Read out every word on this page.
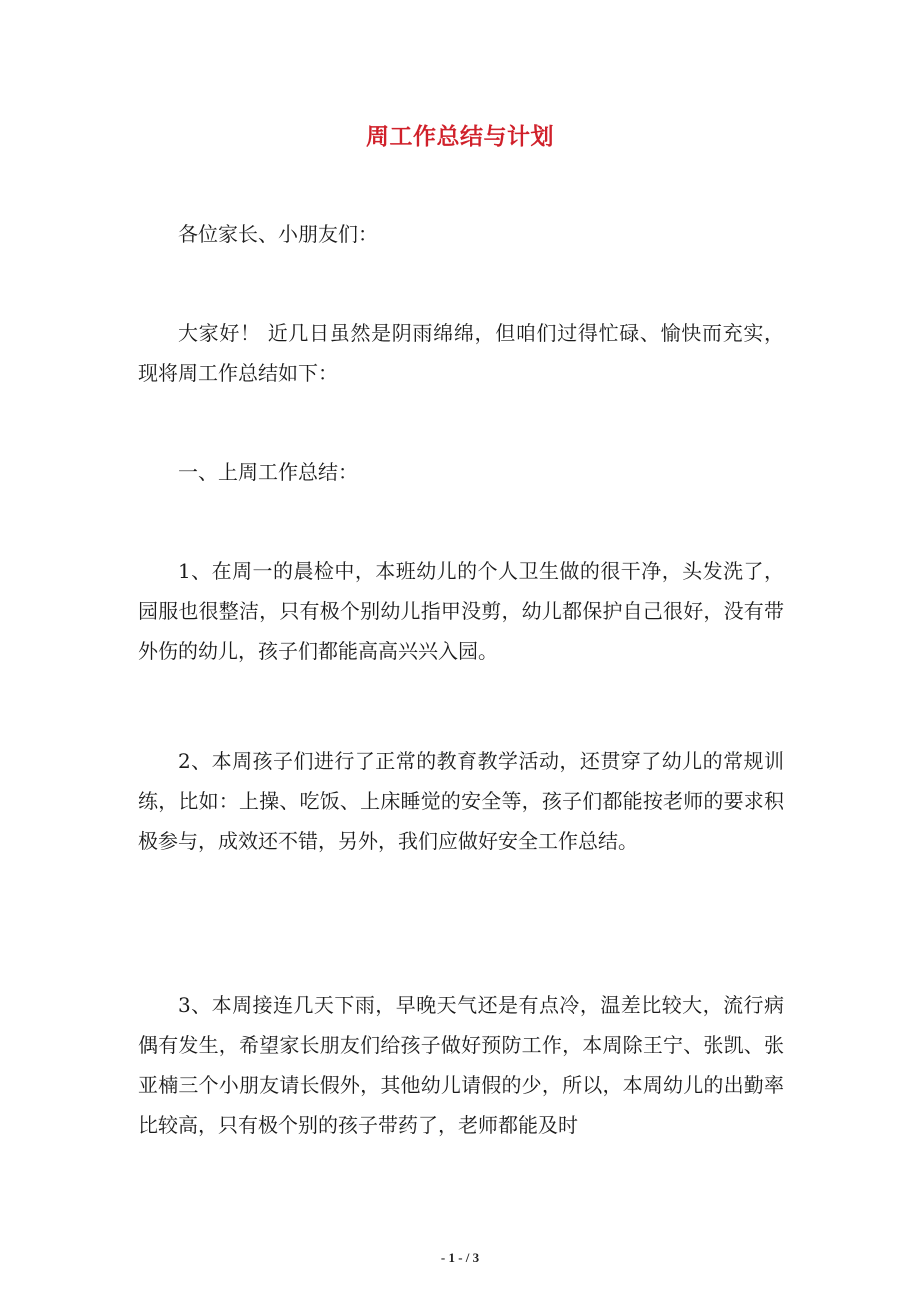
周工作总结与计划

各位家长、小朋友们：

大家好！ 近几日虽然是阴雨绵绵，但咱们过得忙碌、愉快而充实，现将周工作总结如下：

一、上周工作总结：

1、在周一的晨检中，本班幼儿的个人卫生做的很干净，头发洗了，园服也很整洁，只有极个别幼儿指甲没剪，幼儿都保护自己很好，没有带外伤的幼儿，孩子们都能高高兴兴入园。

2、本周孩子们进行了正常的教育教学活动，还贯穿了幼儿的常规训练，比如：上操、吃饭、上床睡觉的安全等，孩子们都能按老师的要求积极参与，成效还不错，另外，我们应做好安全工作总结。

3、本周接连几天下雨，早晚天气还是有点冷，温差比较大，流行病偶有发生，希望家长朋友们给孩子做好预防工作，本周除王宁、张凯、张亚楠三个小朋友请长假外，其他幼儿请假的少，所以，本周幼儿的出勤率比较高，只有极个别的孩子带药了，老师都能及时

- 1 - / 3
